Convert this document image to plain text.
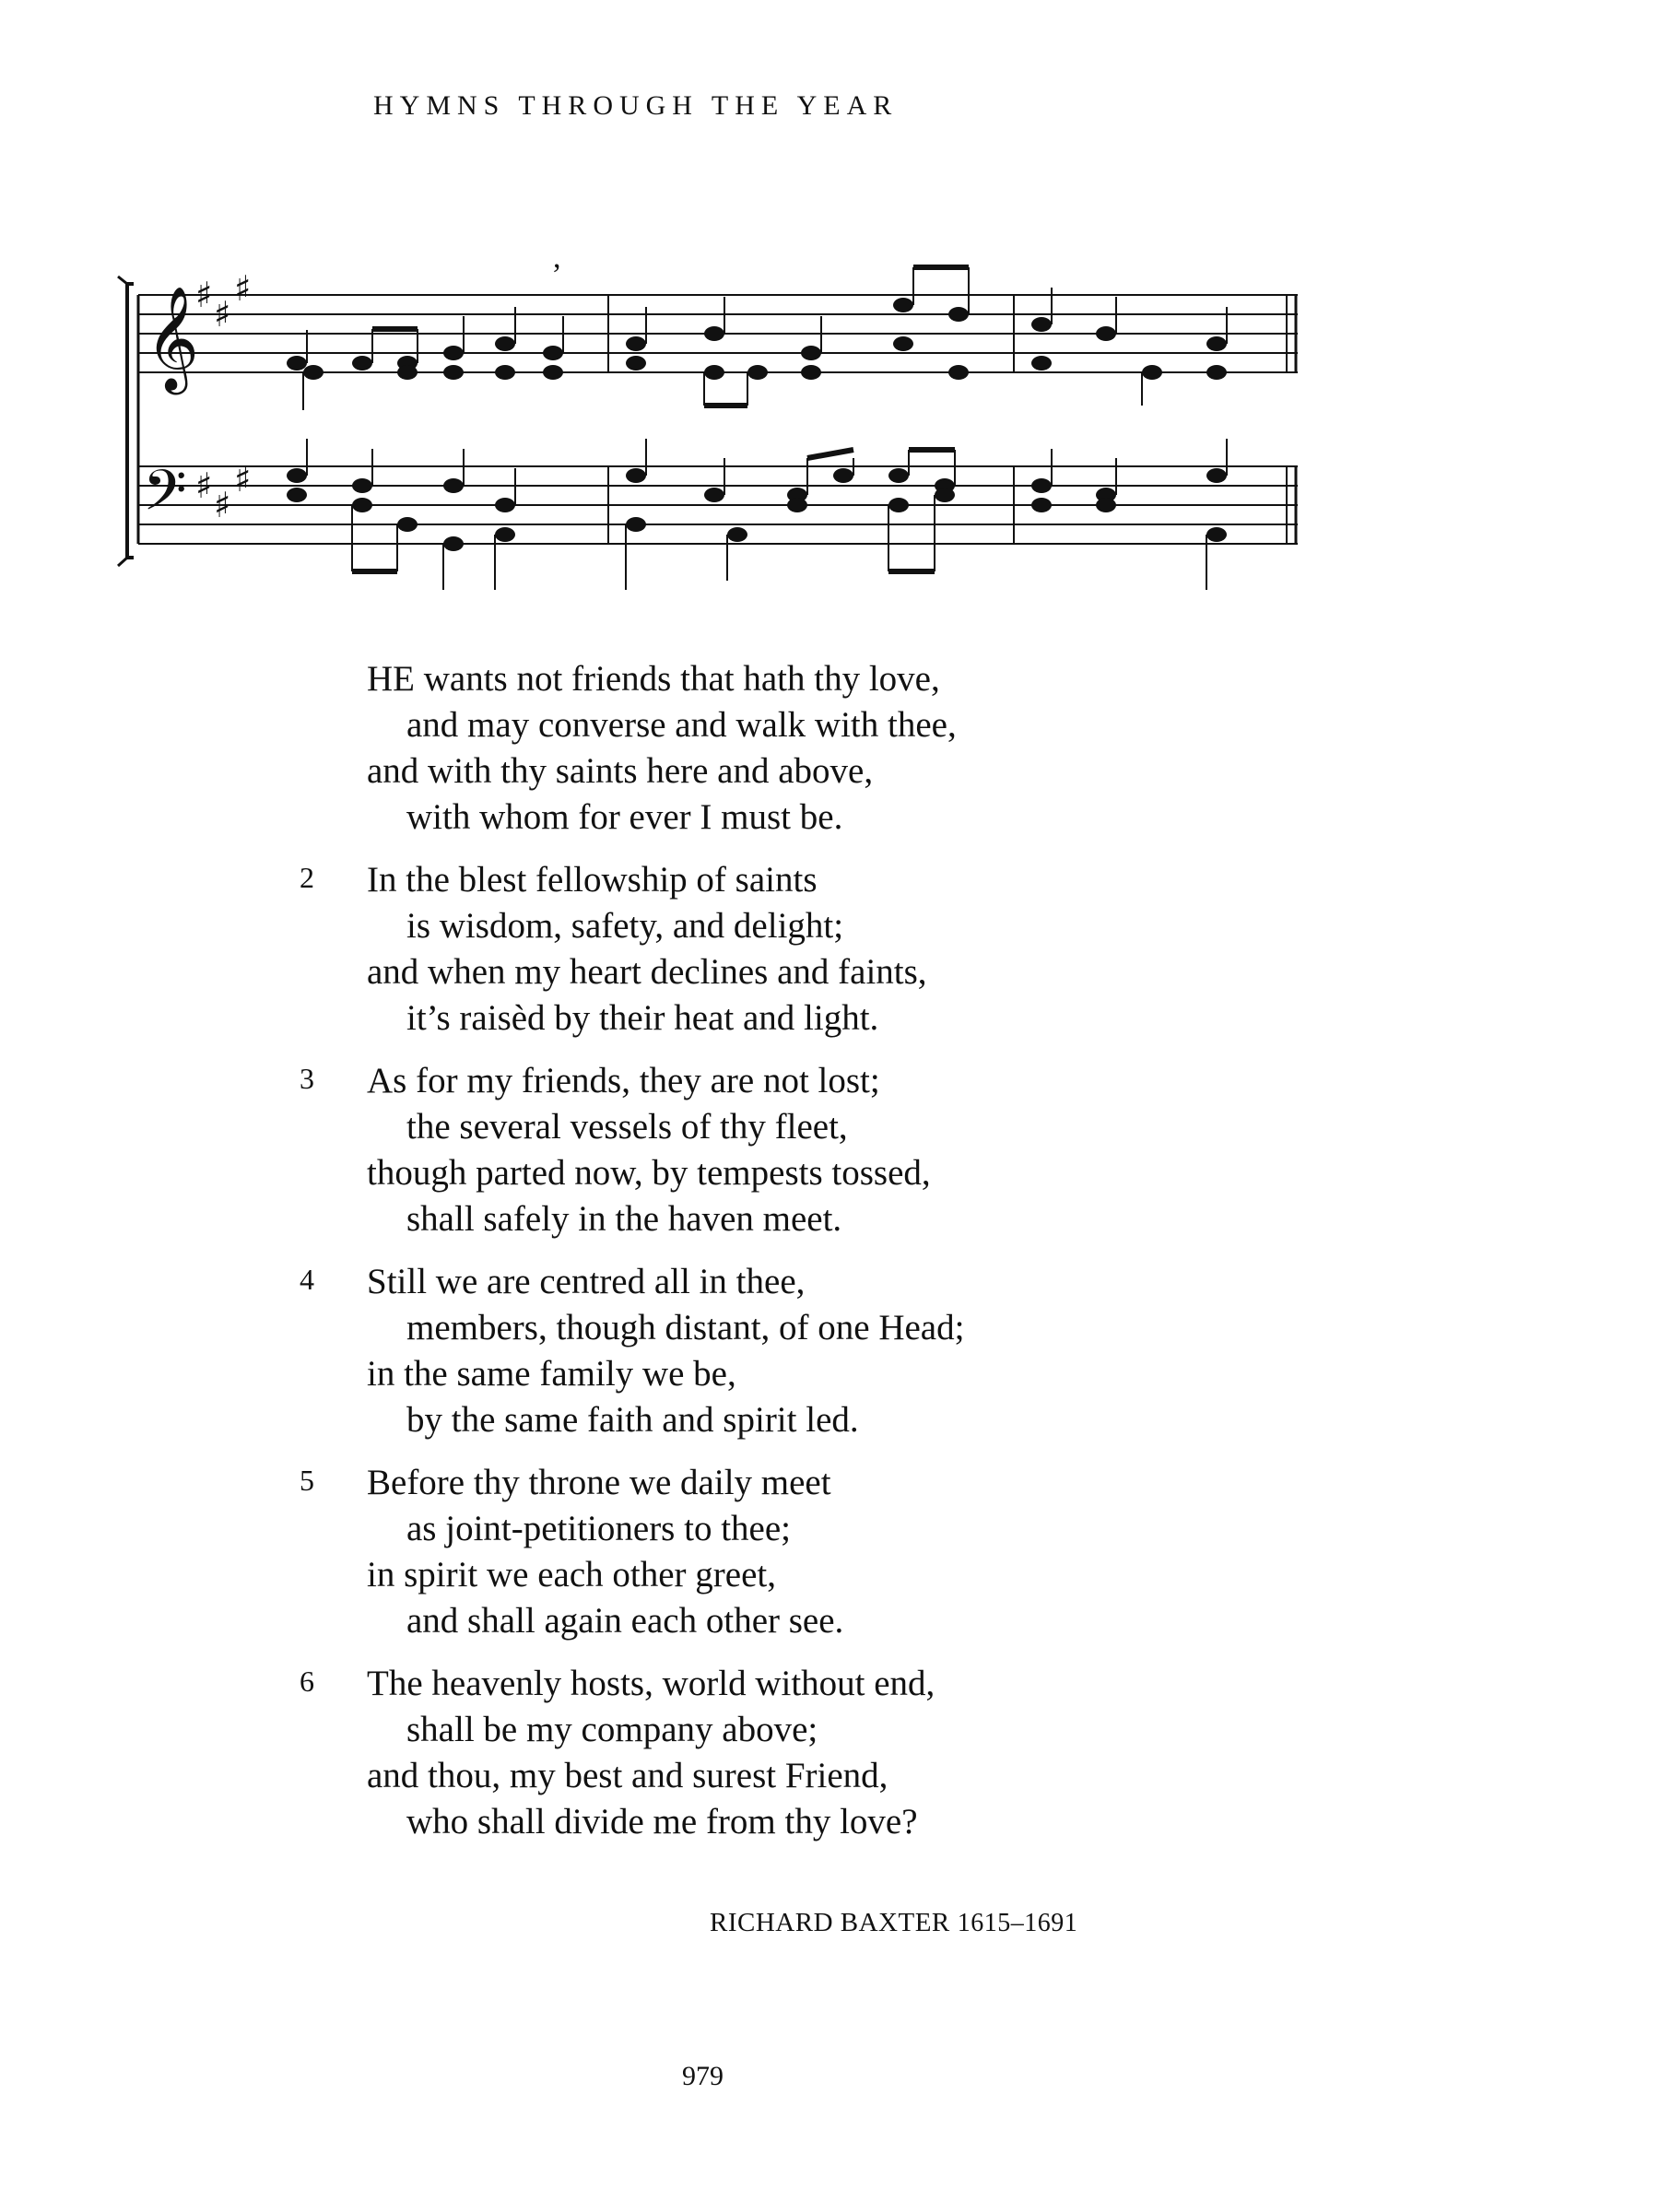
HYMNS THROUGH THE YEAR
𝄞
𝄢
♯ ♯
♯
♯ ♯
♯
,
HE wants not friends that hath thy love,
and may converse and walk with thee,
and with thy saints here and above,
with whom for ever I must be.
2	In the blest fellowship of saints
is wisdom, safety, and delight;
and when my heart declines and faints,
it’s raisèd by their heat and light.
3	As for my friends, they are not lost;
the several vessels of thy fleet,
though parted now, by tempests tossed,
shall safely in the haven meet.
4	Still we are centred all in thee,
members, though distant, of one Head;
in the same family we be,
by the same faith and spirit led.
5	Before thy throne we daily meet
as joint-petitioners to thee;
in spirit we each other greet,
and shall again each other see.
6	The heavenly hosts, world without end,
shall be my company above;
and thou, my best and surest Friend,
who shall divide me from thy love?
RICHARD BAXTER 1615–1691
979
